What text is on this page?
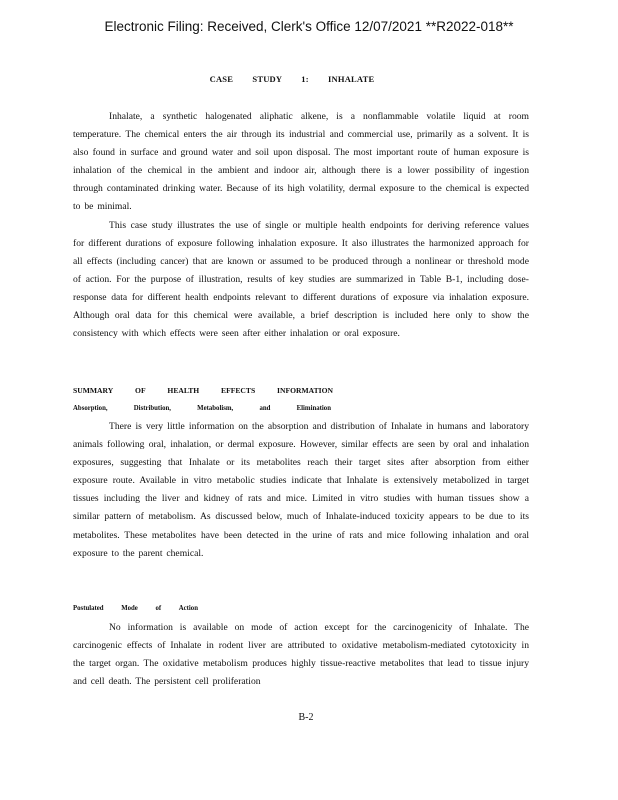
Electronic Filing: Received, Clerk's Office 12/07/2021 **R2022-018**
CASE STUDY 1: INHALATE

Inhalate, a synthetic halogenated aliphatic alkene, is a nonflammable volatile liquid at room temperature. The chemical enters the air through its industrial and commercial use, primarily as a solvent. It is also found in surface and ground water and soil upon disposal. The most important route of human exposure is inhalation of the chemical in the ambient and indoor air, although there is a lower possibility of ingestion through contaminated drinking water. Because of its high volatility, dermal exposure to the chemical is expected to be minimal.

This case study illustrates the use of single or multiple health endpoints for deriving reference values for different durations of exposure following inhalation exposure. It also illustrates the harmonized approach for all effects (including cancer) that are known or assumed to be produced through a nonlinear or threshold mode of action. For the purpose of illustration, results of key studies are summarized in Table B-1, including dose-response data for different health endpoints relevant to different durations of exposure via inhalation exposure. Although oral data for this chemical were available, a brief description is included here only to show the consistency with which effects were seen after either inhalation or oral exposure.

SUMMARY	OF	HEALTH	EFFECTS	INFORMATION
Absorption,	Distribution,	Metabolism,	and	Elimination

There is very little information on the absorption and distribution of Inhalate in humans and laboratory animals following oral, inhalation, or dermal exposure. However, similar effects are seen by oral and inhalation exposures, suggesting that Inhalate or its metabolites reach their target sites after absorption from either exposure route. Available in vitro metabolic studies indicate that Inhalate is extensively metabolized in target tissues including the liver and kidney of rats and mice. Limited in vitro studies with human tissues show a similar pattern of metabolism. As discussed below, much of Inhalate-induced toxicity appears to be due to its metabolites. These metabolites have been detected in the urine of rats and mice following inhalation and oral exposure to the parent chemical.

Postulated	Mode	of	Action

No information is available on mode of action except for the carcinogenicity of Inhalate. The carcinogenic effects of Inhalate in rodent liver are attributed to oxidative metabolism-mediated cytotoxicity in the target organ. The oxidative metabolism produces highly tissue-reactive metabolites that lead to tissue injury and cell death. The persistent cell proliferation

B-2
